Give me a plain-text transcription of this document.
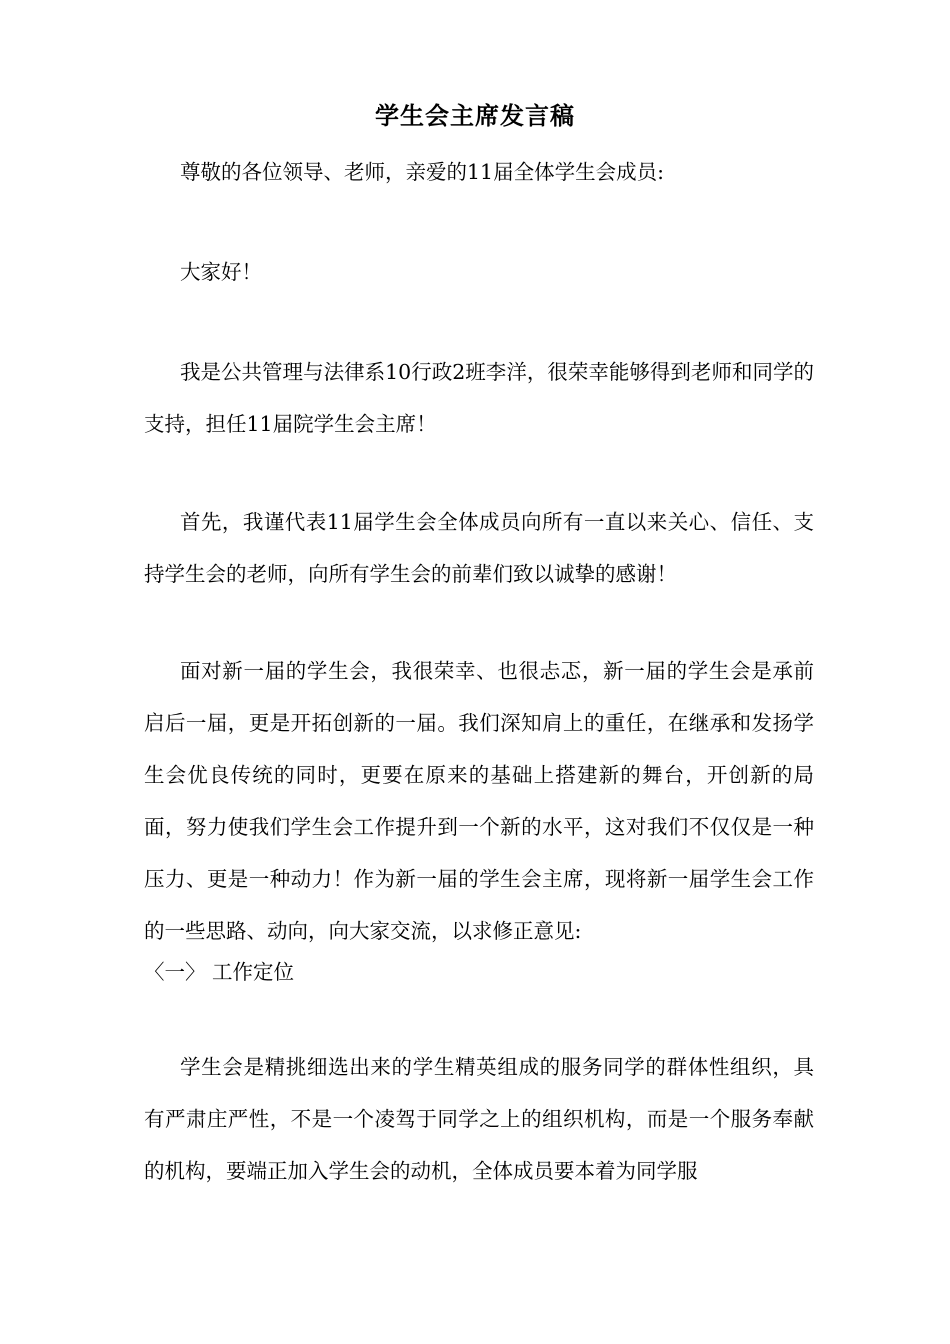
学生会主席发言稿

尊敬的各位领导、老师，亲爱的11届全体学生会成员:

大家好！

我是公共管理与法律系10行政2班李洋，很荣幸能够得到老师和同学的支持，担任11届院学生会主席！

首先，我谨代表11届学生会全体成员向所有一直以来关心、信任、支持学生会的老师，向所有学生会的前辈们致以诚挚的感谢！

面对新一届的学生会，我很荣幸、也很忐忑，新一届的学生会是承前启后一届，更是开拓创新的一届。我们深知肩上的重任，在继承和发扬学生会优良传统的同时，更要在原来的基础上搭建新的舞台，开创新的局面，努力使我们学生会工作提升到一个新的水平，这对我们不仅仅是一种压力、更是一种动力！作为新一届的学生会主席，现将新一届学生会工作的一些思路、动向，向大家交流，以求修正意见:

〈一〉 工作定位

学生会是精挑细选出来的学生精英组成的服务同学的群体性组织，具有严肃庄严性，不是一个凌驾于同学之上的组织机构，而是一个服务奉献的机构，要端正加入学生会的动机，全体成员要本着为同学服
